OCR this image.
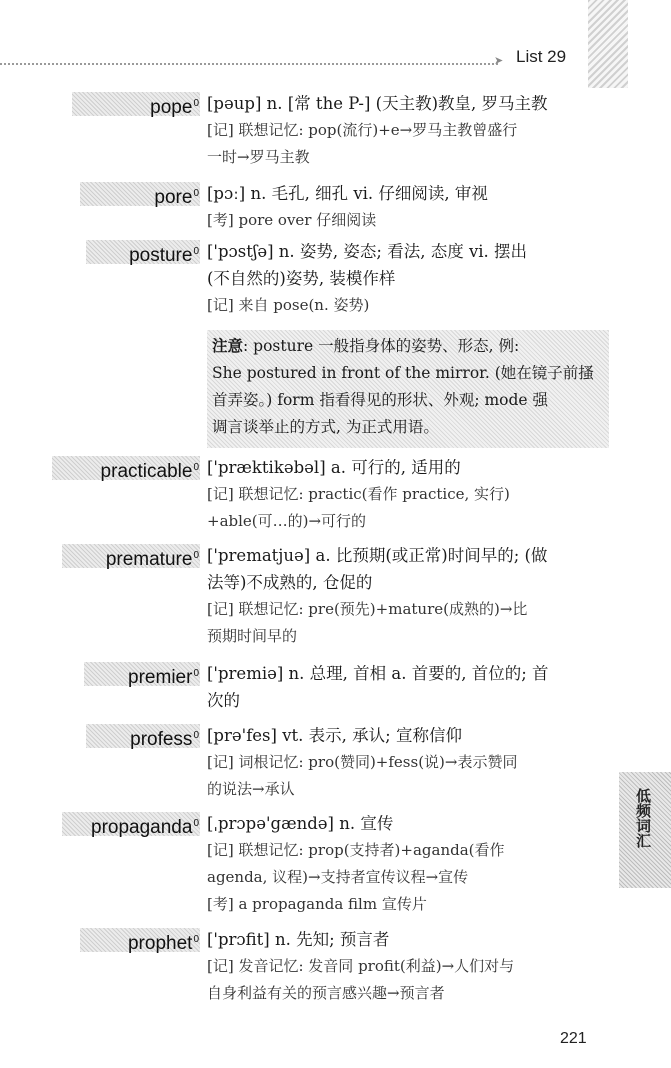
➤ List 29
pope$^0$ [pəup] n. [常 the P-] (天主教)教皇, 罗马主教
[记] 联想记忆: pop(流行)+e→罗马主教曾盛行
一时→罗马主教
pore$^0$ [pɔː] n. 毛孔, 细孔 vi. 仔细阅读, 审视
[考] pore over 仔细阅读
posture$^0$ ['pɔstʃə] n. 姿势, 姿态; 看法, 态度 vi. 摆出
(不自然的)姿势, 装模作样
[记] 来自 pose(n. 姿势)
注意: posture 一般指身体的姿势、形态, 例:
She postured in front of the mirror. (她在镜子前搔
首弄姿。) form 指看得见的形状、外观; mode 强
调言谈举止的方式, 为正式用语。
practicable$^0$ ['præktikəbəl] a. 可行的, 适用的
[记] 联想记忆: practic(看作 practice, 实行)
+able(可…的)→可行的
premature$^0$ ['prematjuə] a. 比预期(或正常)时间早的; (做
法等)不成熟的, 仓促的
[记] 联想记忆: pre(预先)+mature(成熟的)→比
预期时间早的
premier$^0$ ['premiə] n. 总理, 首相 a. 首要的, 首位的; 首
次的
profess$^0$ [prə'fes] vt. 表示, 承认; 宣称信仰
[记] 词根记忆: pro(赞同)+fess(说)→表示赞同
的说法→承认
propaganda$^0$ [ˌprɔpə'gændə] n. 宣传
[记] 联想记忆: prop(支持者)+aganda(看作
agenda, 议程)→支持者宣传议程→宣传
[考] a propaganda film 宣传片
prophet$^0$ ['prɔfit] n. 先知; 预言者
[记] 发音记忆: 发音同 profit(利益)→人们对与
自身利益有关的预言感兴趣→预言者
低频词汇
221
